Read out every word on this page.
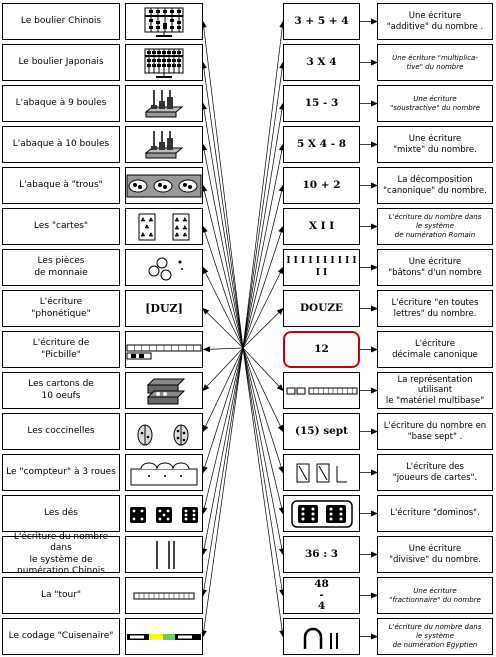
Le boulier Chinois
Le boulier Japonais
L'abaque à 9 boules
L'abaque à 10 boules
L'abaque à "trous"
Les "cartes"
♣ ♣
♣
♣ ♣
♣ ♣
♣ ♣
♣ ♣
Les pièces
de monnaie
L'écriture
"phonétique"	[DUZ]
L'écriture de
"Picbille"
Les cartons de
10 oeufs
Les coccinelles
Le "compteur" à 3 roues
Les dés
L'écriture du nombre dans
le système de
numération Chinois
La "tour"
Le codage "Cuisenaire"
3 + 5 + 4	Une écriture
"additive" du nombre .
3 X 4	Une écriture "multiplica-
tive" du nombre
15 - 3	Une écriture
"soustractive" du nombre
5 X 4 - 8	Une écriture
"mixte" du nombre.
10 + 2	La décomposition
"canonique" du nombre.
X I I
L'écriture du nombre dans
le système
de numération Romain
I I I I I I I I I I I I
Une écriture
"bâtons" d'un nombre
DOUZE	L'écriture "en toutes
lettres" du nombre.
12	L'écriture
décimale canonique
La représentation utilisant
le "matériel multibase"
(15) sept	L'écriture du nombre en
"base sept" .
L'écriture des
"joueurs de cartes".
L'écriture "dominos".
36 : 3	Une écriture
"divisive" du nombre.
48
-
4
Une écriture
"fractionnaire" du nombre
L'écriture du nombre dans
le système
de numération Egyptien
